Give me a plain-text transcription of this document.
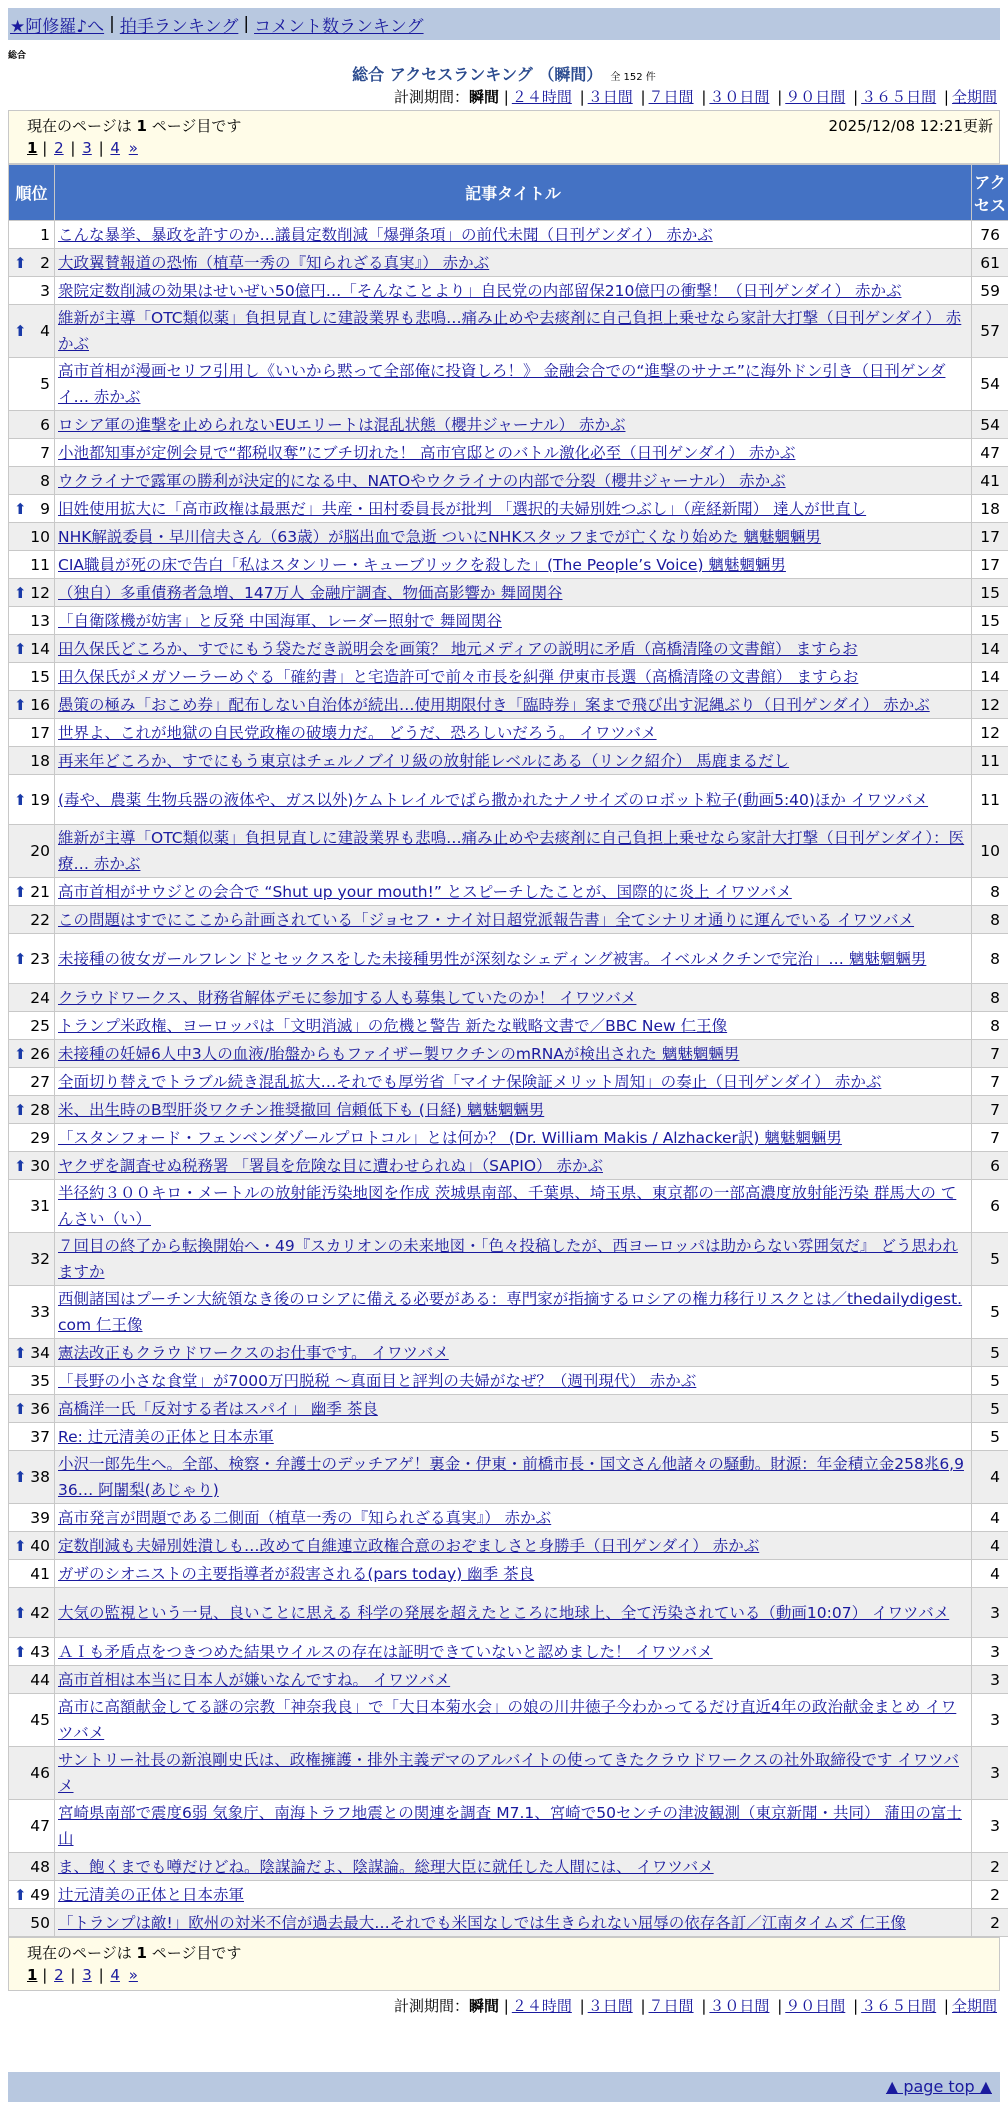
★阿修羅♪へ | 拍手ランキング | コメント数ランキング
総合
総合 アクセスランキング （瞬間） 全 152 件
計測期間：瞬間 | ２４時間 | ３日間 | ７日間 | ３０日間 | ９０日間 | ３６５日間 | 全期間
現在のページは 1 ページ目です	2025/12/08 12:21更新
1 | 2 | 3 | 4 »
順位	記事タイトル	アクセス
1	こんな暴挙、暴政を許すのか…議員定数削減「爆弾条項」の前代未聞（日刊ゲンダイ） 赤かぶ	76

⬆ 2	大政翼賛報道の恐怖（植草一秀の『知られざる真実』） 赤かぶ	61
3	衆院定数削減の効果はせいぜい50億円…「そんなことより」自民党の内部留保210億円の衝撃！（日刊ゲンダイ） 赤かぶ	59

⬆ 4	維新が主導「OTC類似薬」負担見直しに建設業界も悲鳴…痛み止めや去痰剤に自己負担上乗せなら家計大打撃（日刊ゲンダイ） 赤かぶ	57
5	高市首相が漫画セリフ引用し《いいから黙って全部俺に投資しろ！》 金融会合での“進撃のサナエ”に海外ドン引き（日刊ゲンダイ… 赤かぶ	54
6	ロシア軍の進撃を止められないEUエリートは混乱状態（櫻井ジャーナル） 赤かぶ	54
7	小池都知事が定例会見で“都税収奪”にブチ切れた！ 高市官邸とのバトル激化必至（日刊ゲンダイ） 赤かぶ	47
8	ウクライナで露軍の勝利が決定的になる中、NATOやウクライナの内部で分裂（櫻井ジャーナル） 赤かぶ	41

⬆ 9	旧姓使用拡大に「高市政権は最悪だ」共産・田村委員長が批判 「選択的夫婦別姓つぶし」（産経新聞） 達人が世直し	18
10	NHK解説委員・早川信夫さん（63歳）が脳出血で急逝 ついにNHKスタッフまでが亡くなり始めた 魑魅魍魎男	17
11	CIA職員が死の床で告白「私はスタンリー・キューブリックを殺した」(The People’s Voice) 魑魅魍魎男	17

⬆ 12	（独自）多重債務者急増、147万人 金融庁調査、物価高影響か 舞岡関谷	15
13	「自衛隊機が妨害」と反発 中国海軍、レーダー照射で 舞岡関谷	15

⬆ 14	田久保氏どころか、すでにもう袋ただき説明会を画策？ 地元メディアの説明に矛盾（高橋清隆の文書館） ますらお	14
15	田久保氏がメガソーラーめぐる「確約書」と宅造許可で前々市長を糾弾 伊東市長選（高橋清隆の文書館） ますらお	14

⬆ 16	愚策の極み「おこめ券」配布しない自治体が続出…使用期限付き「臨時券」案まで飛び出す泥縄ぶり（日刊ゲンダイ） 赤かぶ	12
17	世界よ、これが地獄の自民党政権の破壊力だ。 どうだ、恐ろしいだろう。 イワツバメ	12
18	再来年どころか、すでにもう東京はチェルノブイリ級の放射能レベルにある（リンク紹介） 馬鹿まるだし	11

⬆ 19	(毒や、農薬 生物兵器の液体や、ガス以外)ケムトレイルでばら撒かれたナノサイズのロボット粒子(動画5:40)ほか イワツバメ	11
20	維新が主導「OTC類似薬」負担見直しに建設業界も悲鳴…痛み止めや去痰剤に自己負担上乗せなら家計大打撃（日刊ゲンダイ）：医療… 赤かぶ	10

⬆ 21	高市首相がサウジとの会合で “Shut up your mouth!” とスピーチしたことが、国際的に炎上 イワツバメ	8
22	この問題はすでにここから計画されている「ジョセフ・ナイ対日超党派報告書」全てシナリオ通りに運んでいる イワツバメ	8

⬆ 23	未接種の彼女ガールフレンドとセックスをした未接種男性が深刻なシェディング被害。イベルメクチンで完治」… 魑魅魍魎男	8
24	クラウドワークス、財務省解体デモに参加する人も募集していたのか！ イワツバメ	8
25	トランプ米政権、ヨーロッパは「文明消滅」の危機と警告 新たな戦略文書で／BBC New 仁王像	8

⬆ 26	未接種の妊婦6人中3人の血液/胎盤からもファイザー製ワクチンのmRNAが検出された 魑魅魍魎男	7
27	全面切り替えでトラブル続き混乱拡大…それでも厚労省「マイナ保険証メリット周知」の奏止（日刊ゲンダイ） 赤かぶ	7

⬆ 28	米、出生時のB型肝炎ワクチン推奨撤回 信頼低下も (日経) 魑魅魍魎男	7
29	「スタンフォード・フェンベンダゾールプロトコル」とは何か？ (Dr. William Makis / Alzhacker訳) 魑魅魍魎男	7

⬆ 30	ヤクザを調査せぬ税務署 「署員を危険な目に遭わせられぬ」（SAPIO） 赤かぶ	6
31	半径約３００キロ・メートルの放射能汚染地図を作成 茨城県南部、千葉県、埼玉県、東京都の一部高濃度放射能汚染 群馬大の てんさい（い）	6
32	７回目の終了から転換開始へ・49『スカリオンの未来地図・「色々投稿したが、西ヨーロッパは助からない雰囲気だ』 どう思われますか	5
33	西側諸国はプーチン大統領なき後のロシアに備える必要がある：専門家が指摘するロシアの権力移行リスクとは／thedailydigest.com 仁王像	5

⬆ 34	憲法改正もクラウドワークスのお仕事です。 イワツバメ	5
35	「長野の小さな食堂」が7000万円脱税 ～真面目と評判の夫婦がなぜ？（週刊現代） 赤かぶ	5

⬆ 36	高橋洋一氏「反対する者はスパイ」 幽季 茶良	5
37	Re: 辻元清美の正体と日本赤軍	5

⬆ 38	小沢一郎先生へ。全部、検察・弁護士のデッチアゲ！裏金・伊東・前橋市長・国文さん他諸々の騒動。財源：年金積立金258兆6,936… 阿闍梨(あじゃり)	4
39	高市発言が問題である二側面（植草一秀の『知られざる真実』） 赤かぶ	4

⬆ 40	定数削減も夫婦別姓潰しも…改めて自維連立政権合意のおぞましさと身勝手（日刊ゲンダイ） 赤かぶ	4
41	ガザのシオニストの主要指導者が殺害される(pars today) 幽季 茶良	4

⬆ 42	大気の監視という一見、良いことに思える 科学の発展を超えたところに地球上、全て汚染されている（動画10:07） イワツバメ	3

⬆ 43	ＡＩも矛盾点をつきつめた結果ウイルスの存在は証明できていないと認めました！ イワツバメ	3
44	高市首相は本当に日本人が嫌いなんですね。 イワツバメ	3
45	高市に高額献金してる謎の宗教「神奈我良」で「大日本菊水会」の娘の川井徳子今わかってるだけ直近4年の政治献金まとめ イワツバメ	3
46	サントリー社長の新浪剛史氏は、政権擁護・排外主義デマのアルバイトの使ってきたクラウドワークスの社外取締役です イワツバメ	3
47	宮崎県南部で震度6弱 気象庁、南海トラフ地震との関連を調査 M7.1、宮崎で50センチの津波観測（東京新聞・共同） 蒲田の富士山	3
48	ま、飽くまでも噂だけどね。陰謀論だよ、陰謀論。総理大臣に就任した人間には、 イワツバメ	2

⬆ 49	辻元清美の正体と日本赤軍	2
50	「トランプは敵!」欧州の対米不信が過去最大…それでも米国なしでは生きられない屈辱の依存各訂／江南タイムズ 仁王像	2
現在のページは 1 ページ目です
1 | 2 | 3 | 4 »
計測期間：瞬間 | ２４時間 | ３日間 | ７日間 | ３０日間 | ９０日間 | ３６５日間 | 全期間
▲ page top ▲
